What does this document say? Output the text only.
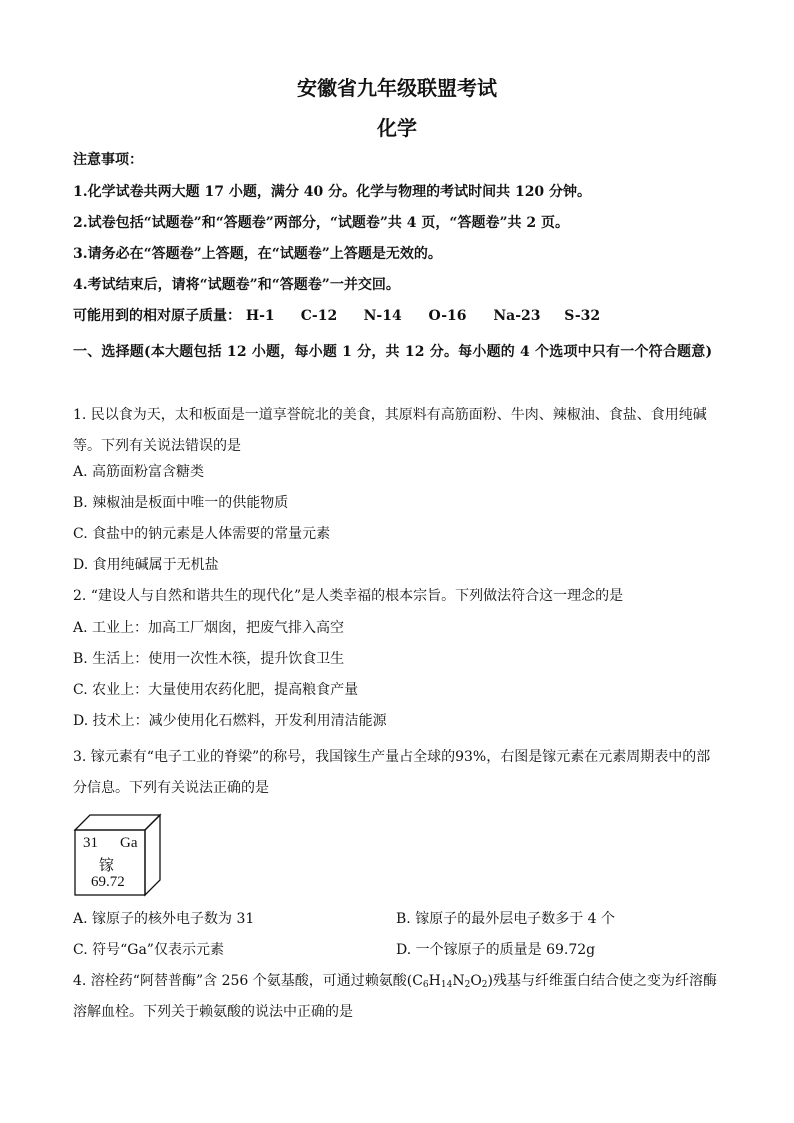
安徽省九年级联盟考试
化学
注意事项：
1.化学试卷共两大题 17 小题，满分 40 分。化学与物理的考试时间共 120 分钟。
2.试卷包括“试题卷”和“答题卷”两部分，“试题卷”共 4 页，“答题卷”共 2 页。
3.请务必在“答题卷”上答题，在“试题卷”上答题是无效的。
4.考试结束后，请将“试题卷”和“答题卷”一并交回。
可能用到的相对原子质量： H-1 C-12 N-14 O-16 Na-23 S-32
一、选择题(本大题包括 12 小题，每小题 1 分，共 12 分。每小题的 4 个选项中只有一个符合题意)
1. 民以食为天，太和板面是一道享誉皖北的美食，其原料有高筋面粉、牛肉、辣椒油、食盐、食用纯碱等。下列有关说法错误的是
A. 高筋面粉富含糖类
B. 辣椒油是板面中唯一的供能物质
C. 食盐中的钠元素是人体需要的常量元素
D. 食用纯碱属于无机盐
2. “建设人与自然和谐共生的现代化”是人类幸福的根本宗旨。下列做法符合这一理念的是
A. 工业上：加高工厂烟囱，把废气排入高空
B. 生活上：使用一次性木筷，提升饮食卫生
C. 农业上：大量使用农药化肥，提高粮食产量
D. 技术上：减少使用化石燃料，开发利用清洁能源
3. 镓元素有“电子工业的脊梁”的称号，我国镓生产量占全球的93%，右图是镓元素在元素周期表中的部分信息。下列有关说法正确的是
31 Ga
镓
69.72
A. 镓原子的核外电子数为 31	B. 镓原子的最外层电子数多于 4 个
C. 符号“Ga”仅表示元素	D. 一个镓原子的质量是 69.72g
4. 溶栓药“阿替普酶”含 256 个氨基酸，可通过赖氨酸$(C_6H_{14}N_2O_2)$残基与纤维蛋白结合使之变为纤溶酶
溶解血栓。下列关于赖氨酸的说法中正确的是
